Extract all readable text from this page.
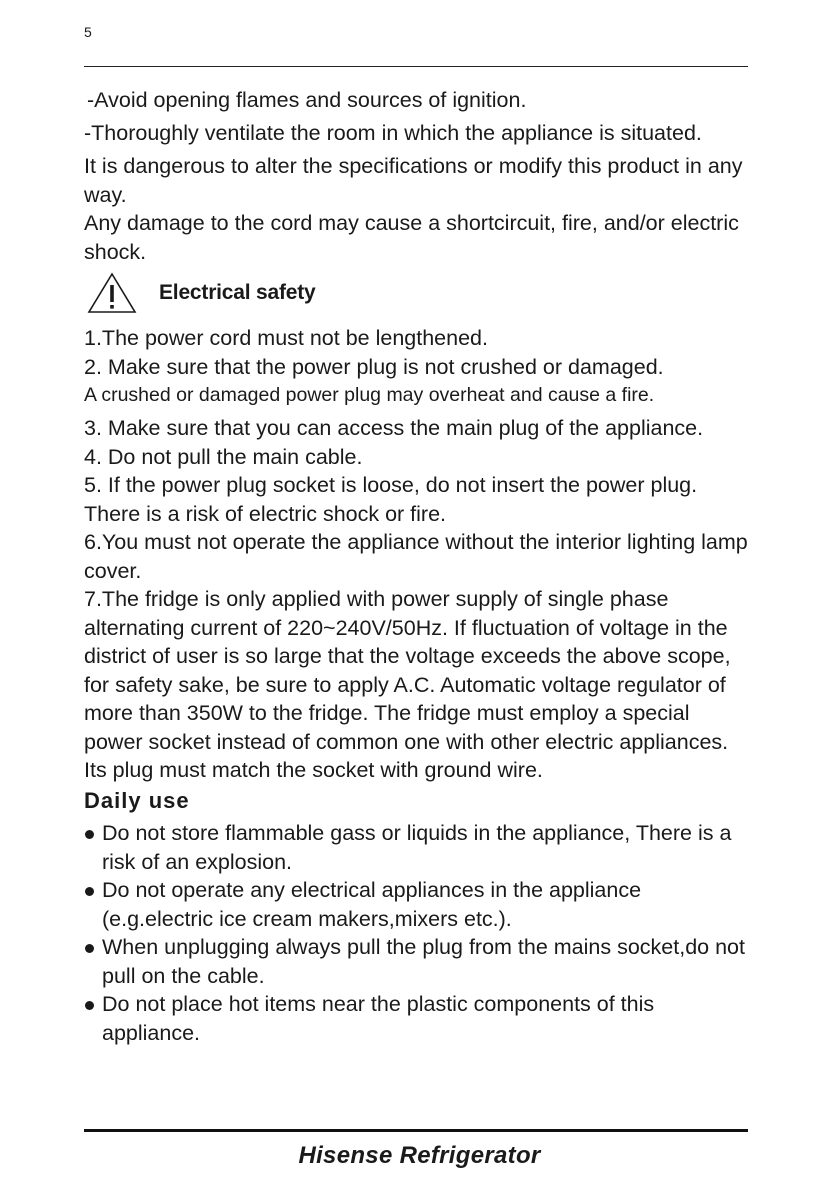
5

-Avoid opening flames and sources of ignition.

-Thoroughly ventilate the room in which the appliance is situated.

It is dangerous to alter the specifications or modify this product in any way.

Any damage to the cord may cause a shortcircuit, fire, and/or electric shock.

Electrical safety

1.The power cord must not be lengthened.

2. Make sure that the power plug is not crushed or damaged.

A crushed or damaged power plug may overheat and cause a fire.

3. Make sure that you can access the main plug of the appliance.

4. Do not pull the main cable.

5. If the power plug socket is loose, do not insert the power plug. There is a risk of electric shock or fire.

6.You must not operate the appliance without the interior lighting lamp cover.

7.The fridge is only applied with power supply of single phase alternating current of 220~240V/50Hz. If fluctuation of voltage in the district of user is so large that the voltage exceeds the above scope, for safety sake, be sure to apply A.C. Automatic voltage regulator of more than 350W to the fridge. The fridge must employ a special power socket instead of common one with other electric appliances. Its plug must match the socket with ground wire.

Daily use
Do not store flammable gass or liquids in the appliance, There is a risk of an explosion.
Do not operate any electrical appliances in the appliance (e.g.electric ice cream makers,mixers etc.).
When unplugging always pull the plug from the mains socket,do not pull on the cable.
Do not place hot items near the plastic components of this appliance.
Hisense Refrigerator
